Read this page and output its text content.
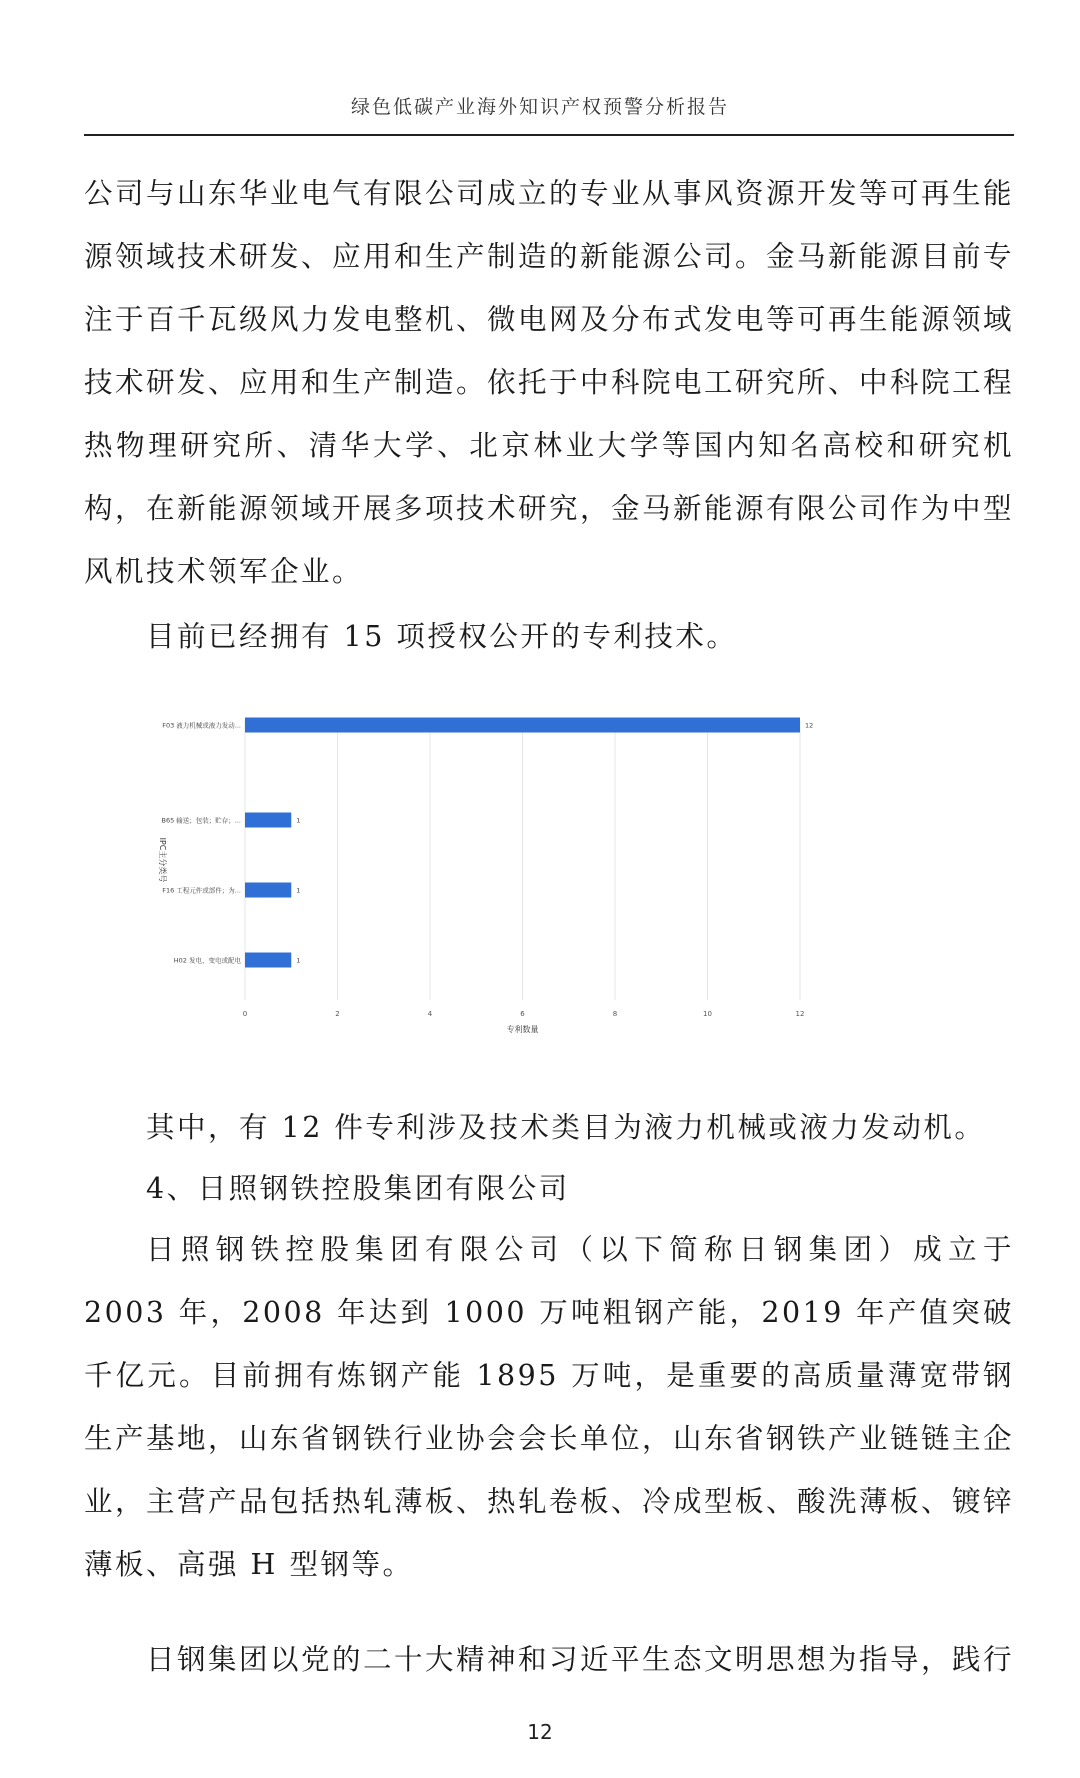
绿色低碳产业海外知识产权预警分析报告

公司与山东华业电气有限公司成立的专业从事风资源开发等可再生能源领域技术研发、应用和生产制造的新能源公司。金马新能源目前专注于百千瓦级风力发电整机、微电网及分布式发电等可再生能源领域技术研发、应用和生产制造。依托于中科院电工研究所、中科院工程热物理研究所、清华大学、北京林业大学等国内知名高校和研究机构，在新能源领域开展多项技术研究，金马新能源有限公司作为中型风机技术领军企业。

目前已经拥有 15 项授权公开的专利技术。

0	2	4	6	8	10	12
F03 液力机械或液力发动...	12
B65 输送；包装；贮存；...	1
F16 工程元件或部件；为...	1
H02 发电、变电或配电	1
专利数量
IPC主分类号

其中，有 12 件专利涉及技术类目为液力机械或液力发动机。

4、日照钢铁控股集团有限公司

日照钢铁控股集团有限公司（以下简称日钢集团）成立于 2003 年，2008 年达到 1000 万吨粗钢产能，2019 年产值突破千亿元。目前拥有炼钢产能 1895 万吨，是重要的高质量薄宽带钢生产基地，山东省钢铁行业协会会长单位，山东省钢铁产业链链主企业，主营产品包括热轧薄板、热轧卷板、冷成型板、酸洗薄板、镀锌薄板、高强 H 型钢等。

日钢集团以党的二十大精神和习近平生态文明思想为指导，践行

12
